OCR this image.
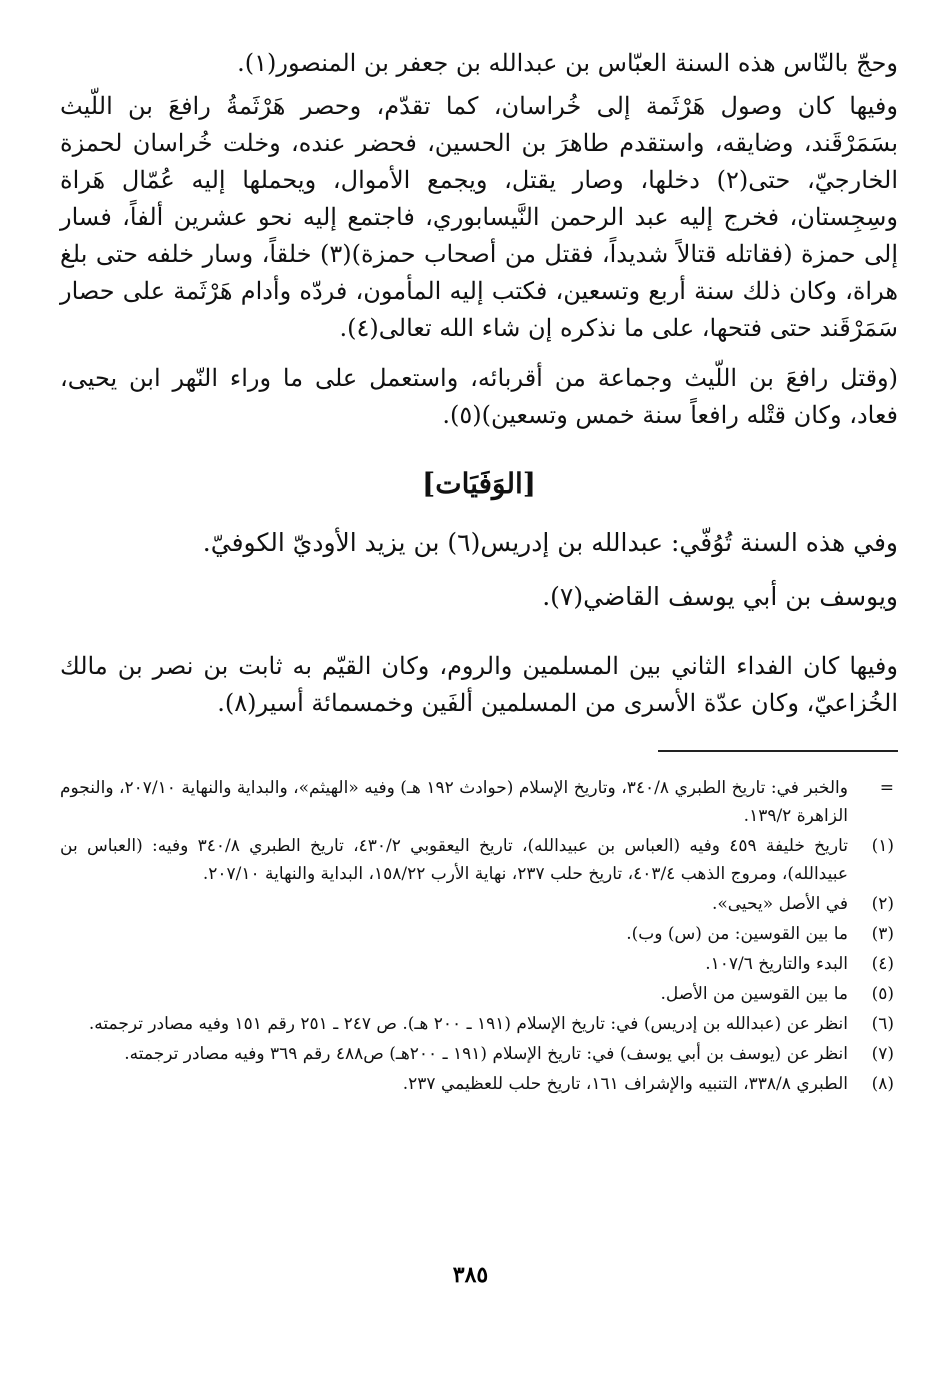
وحجّ بالنّاس هذه السنة العبّاس بن عبدالله بن جعفر بن المنصور(١).

وفيها كان وصول هَرْثَمة إلى خُراسان، كما تقدّم، وحصر هَرْثَمةُ رافعَ بن اللّيث بسَمَرْقَند، وضايقه، واستقدم طاهرَ بن الحسين، فحضر عنده، وخلت خُراسان لحمزة الخارجيّ، حتى(٢) دخلها، وصار يقتل، ويجمع الأموال، ويحملها إليه عُمّال هَراة وسِجِستان، فخرج إليه عبد الرحمن النَّيسابوري، فاجتمع إليه نحو عشرين ألفاً، فسار إلى حمزة (فقاتله قتالاً شديداً، فقتل من أصحاب حمزة)(٣) خلقاً، وسار خلفه حتى بلغ هراة، وكان ذلك سنة أربع وتسعين، فكتب إليه المأمون، فردّه وأدام هَرْثَمة على حصار سَمَرْقَند حتى فتحها، على ما نذكره إن شاء الله تعالى(٤).

(وقتل رافعَ بن اللّيث وجماعة من أقربائه، واستعمل على ما وراء النّهر ابن يحيى، فعاد، وكان قتْله رافعاً سنة خمس وتسعين)(٥).

[الوَفَيَات]

وفي هذه السنة تُوُفّي: عبدالله بن إدريس(٦) بن يزيد الأوديّ الكوفيّ.

ويوسف بن أبي يوسف القاضي(٧).

وفيها كان الفداء الثاني بين المسلمين والروم، وكان القيّم به ثابت بن نصر بن مالك الخُزاعيّ، وكان عدّة الأسرى من المسلمين ألفَين وخمسمائة أسير(٨).

=
والخبر في: تاريخ الطبري ٣٤٠/٨، وتاريخ الإسلام (حوادث ١٩٢ هـ) وفيه «الهيثم»، والبداية والنهاية ٢٠٧/١٠، والنجوم الزاهرة ١٣٩/٢.
(١)
تاريخ خليفة ٤٥٩ وفيه (العباس بن عبيدالله)، تاريخ اليعقوبي ٤٣٠/٢، تاريخ الطبري ٣٤٠/٨ وفيه: (العباس بن عبيدالله)، ومروج الذهب ٤٠٣/٤، تاريخ حلب ٢٣٧، نهاية الأرب ١٥٨/٢٢، البداية والنهاية ٢٠٧/١٠.
(٢)
في الأصل «يحيى».
(٣)
ما بين القوسين: من (س) وب).
(٤)
البدء والتاريخ ١٠٧/٦.
(٥)
ما بين القوسين من الأصل.
(٦)
انظر عن (عبدالله بن إدريس) في: تاريخ الإسلام (١٩١ ـ ٢٠٠ هـ). ص ٢٤٧ ـ ٢٥١ رقم ١٥١ وفيه مصادر ترجمته.
(٧)
انظر عن (يوسف بن أبي يوسف) في: تاريخ الإسلام (١٩١ ـ ٢٠٠هـ) ص٤٨٨ رقم ٣٦٩ وفيه مصادر ترجمته.
(٨)
الطبري ٣٣٨/٨، التنبيه والإشراف ١٦١، تاريخ حلب للعظيمي ٢٣٧.
٣٨٥
